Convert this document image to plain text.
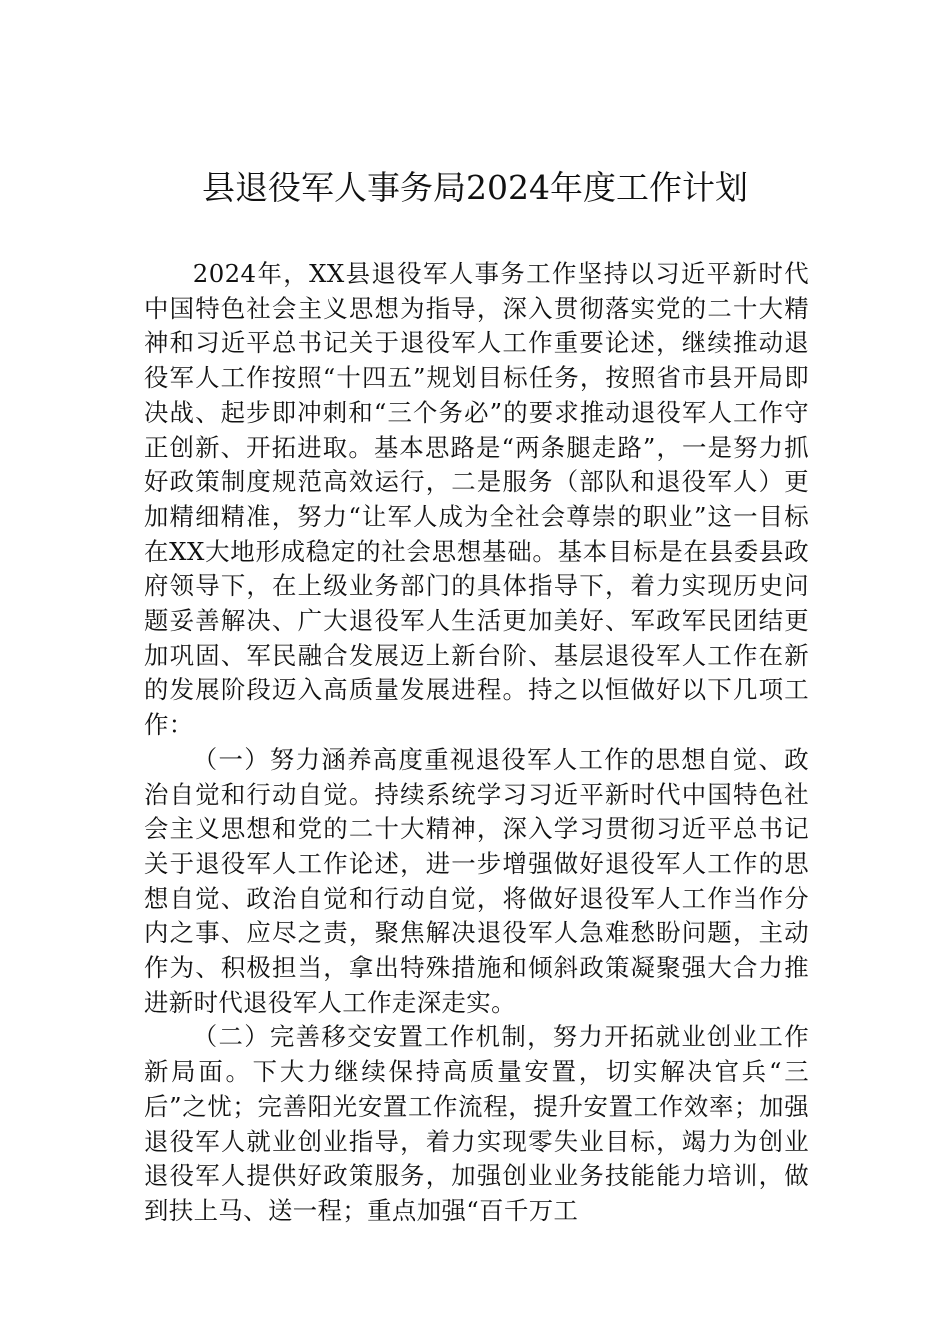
县退役军人事务局2024年度工作计划

2024年，XX县退役军人事务工作坚持以习近平新时代中国特色社会主义思想为指导，深入贯彻落实党的二十大精神和习近平总书记关于退役军人工作重要论述，继续推动退役军人工作按照“十四五”规划目标任务，按照省市县开局即决战、起步即冲刺和“三个务必”的要求推动退役军人工作守正创新、开拓进取。基本思路是“两条腿走路”，一是努力抓好政策制度规范高效运行，二是服务（部队和退役军人）更加精细精准，努力“让军人成为全社会尊崇的职业”这一目标在XX大地形成稳定的社会思想基础。基本目标是在县委县政府领导下，在上级业务部门的具体指导下，着力实现历史问题妥善解决、广大退役军人生活更加美好、军政军民团结更加巩固、军民融合发展迈上新台阶、基层退役军人工作在新的发展阶段迈入高质量发展进程。持之以恒做好以下几项工作：

（一）努力涵养高度重视退役军人工作的思想自觉、政治自觉和行动自觉。持续系统学习习近平新时代中国特色社会主义思想和党的二十大精神，深入学习贯彻习近平总书记关于退役军人工作论述，进一步增强做好退役军人工作的思想自觉、政治自觉和行动自觉，将做好退役军人工作当作分内之事、应尽之责，聚焦解决退役军人急难愁盼问题，主动作为、积极担当，拿出特殊措施和倾斜政策凝聚强大合力推进新时代退役军人工作走深走实。

（二）完善移交安置工作机制，努力开拓就业创业工作新局面。下大力继续保持高质量安置，切实解决官兵“三后”之忧；完善阳光安置工作流程，提升安置工作效率；加强退役军人就业创业指导，着力实现零失业目标，竭力为创业退役军人提供好政策服务，加强创业业务技能能力培训，做到扶上马、送一程；重点加强“百千万工
